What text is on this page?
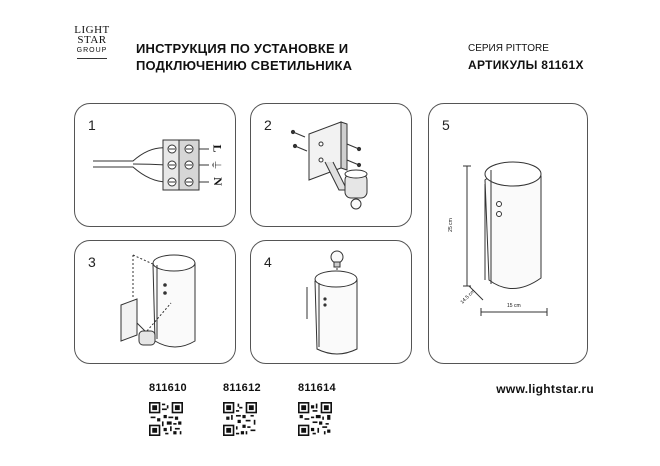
LIGHT
STAR
GROUP	ИНСТРУКЦИЯ ПО УСТАНОВКЕ И
ПОДКЛЮЧЕНИЮ СВЕТИЛЬНИКА
СЕРИЯ PITTORE
АРТИКУЛЫ 81161X
1
L
⏚
N
2
3	4
5
25 cm
14.5 cm
15 cm
811610	811612	811614	www.lightstar.ru
